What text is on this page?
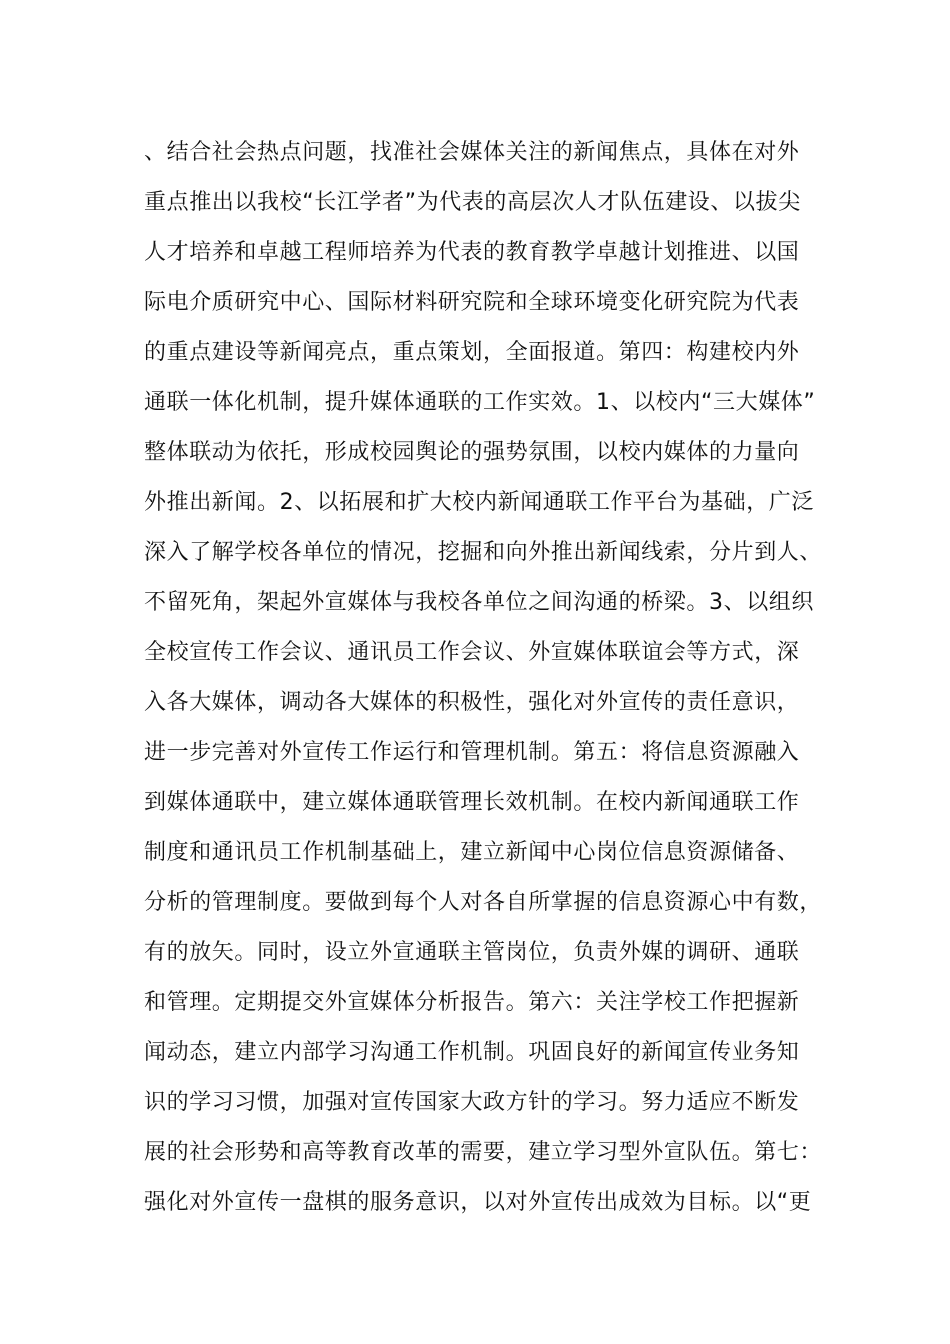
、结合社会热点问题，找准社会媒体关注的新闻焦点，具体在对外
重点推出以我校“长江学者”为代表的高层次人才队伍建设、以拔尖
人才培养和卓越工程师培养为代表的教育教学卓越计划推进、以国
际电介质研究中心、国际材料研究院和全球环境变化研究院为代表
的重点建设等新闻亮点，重点策划，全面报道。第四：构建校内外
通联一体化机制，提升媒体通联的工作实效。1、以校内“三大媒体”
整体联动为依托，形成校园舆论的强势氛围，以校内媒体的力量向
外推出新闻。2、以拓展和扩大校内新闻通联工作平台为基础，广泛
深入了解学校各单位的情况，挖掘和向外推出新闻线索，分片到人、
不留死角，架起外宣媒体与我校各单位之间沟通的桥梁。3、以组织
全校宣传工作会议、通讯员工作会议、外宣媒体联谊会等方式，深
入各大媒体，调动各大媒体的积极性，强化对外宣传的责任意识，
进一步完善对外宣传工作运行和管理机制。第五：将信息资源融入
到媒体通联中，建立媒体通联管理长效机制。在校内新闻通联工作
制度和通讯员工作机制基础上，建立新闻中心岗位信息资源储备、
分析的管理制度。要做到每个人对各自所掌握的信息资源心中有数，
有的放矢。同时，设立外宣通联主管岗位，负责外媒的调研、通联
和管理。定期提交外宣媒体分析报告。第六：关注学校工作把握新
闻动态，建立内部学习沟通工作机制。巩固良好的新闻宣传业务知
识的学习习惯，加强对宣传国家大政方针的学习。努力适应不断发
展的社会形势和高等教育改革的需要，建立学习型外宣队伍。第七：
强化对外宣传一盘棋的服务意识，以对外宣传出成效为目标。以“更
